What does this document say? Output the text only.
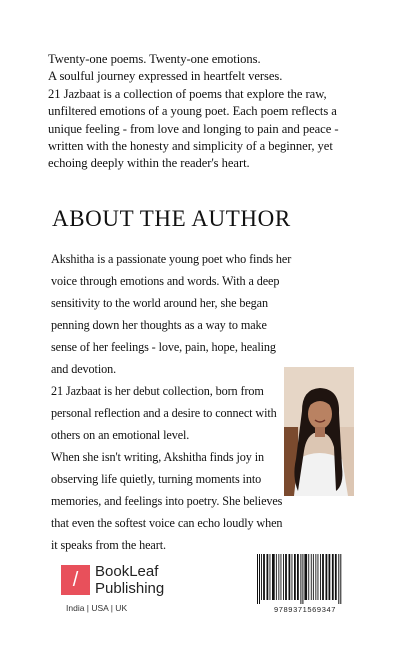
Twenty-one poems. Twenty-one emotions.
A soulful journey expressed in heartfelt verses.
21 Jazbaat is a collection of poems that explore the raw,
unfiltered emotions of a young poet. Each poem reflects a
unique feeling - from love and longing to pain and peace -
written with the honesty and simplicity of a beginner, yet
echoing deeply within the reader's heart.
ABOUT THE AUTHOR
Akshitha is a passionate young poet who finds her
voice through emotions and words. With a deep
sensitivity to the world around her, she began
penning down her thoughts as a way to make
sense of her feelings - love, pain, hope, healing
and devotion.
21 Jazbaat is her debut collection, born from
personal reflection and a desire to connect with
others on an emotional level.
When she isn't writing, Akshitha finds joy in
observing life quietly, turning moments into
memories, and feelings into poetry. She believes
that even the softest voice can echo loudly when
it speaks from the heart.
/	BookLeaf
Publishing
India | USA | UK	9789371569347
